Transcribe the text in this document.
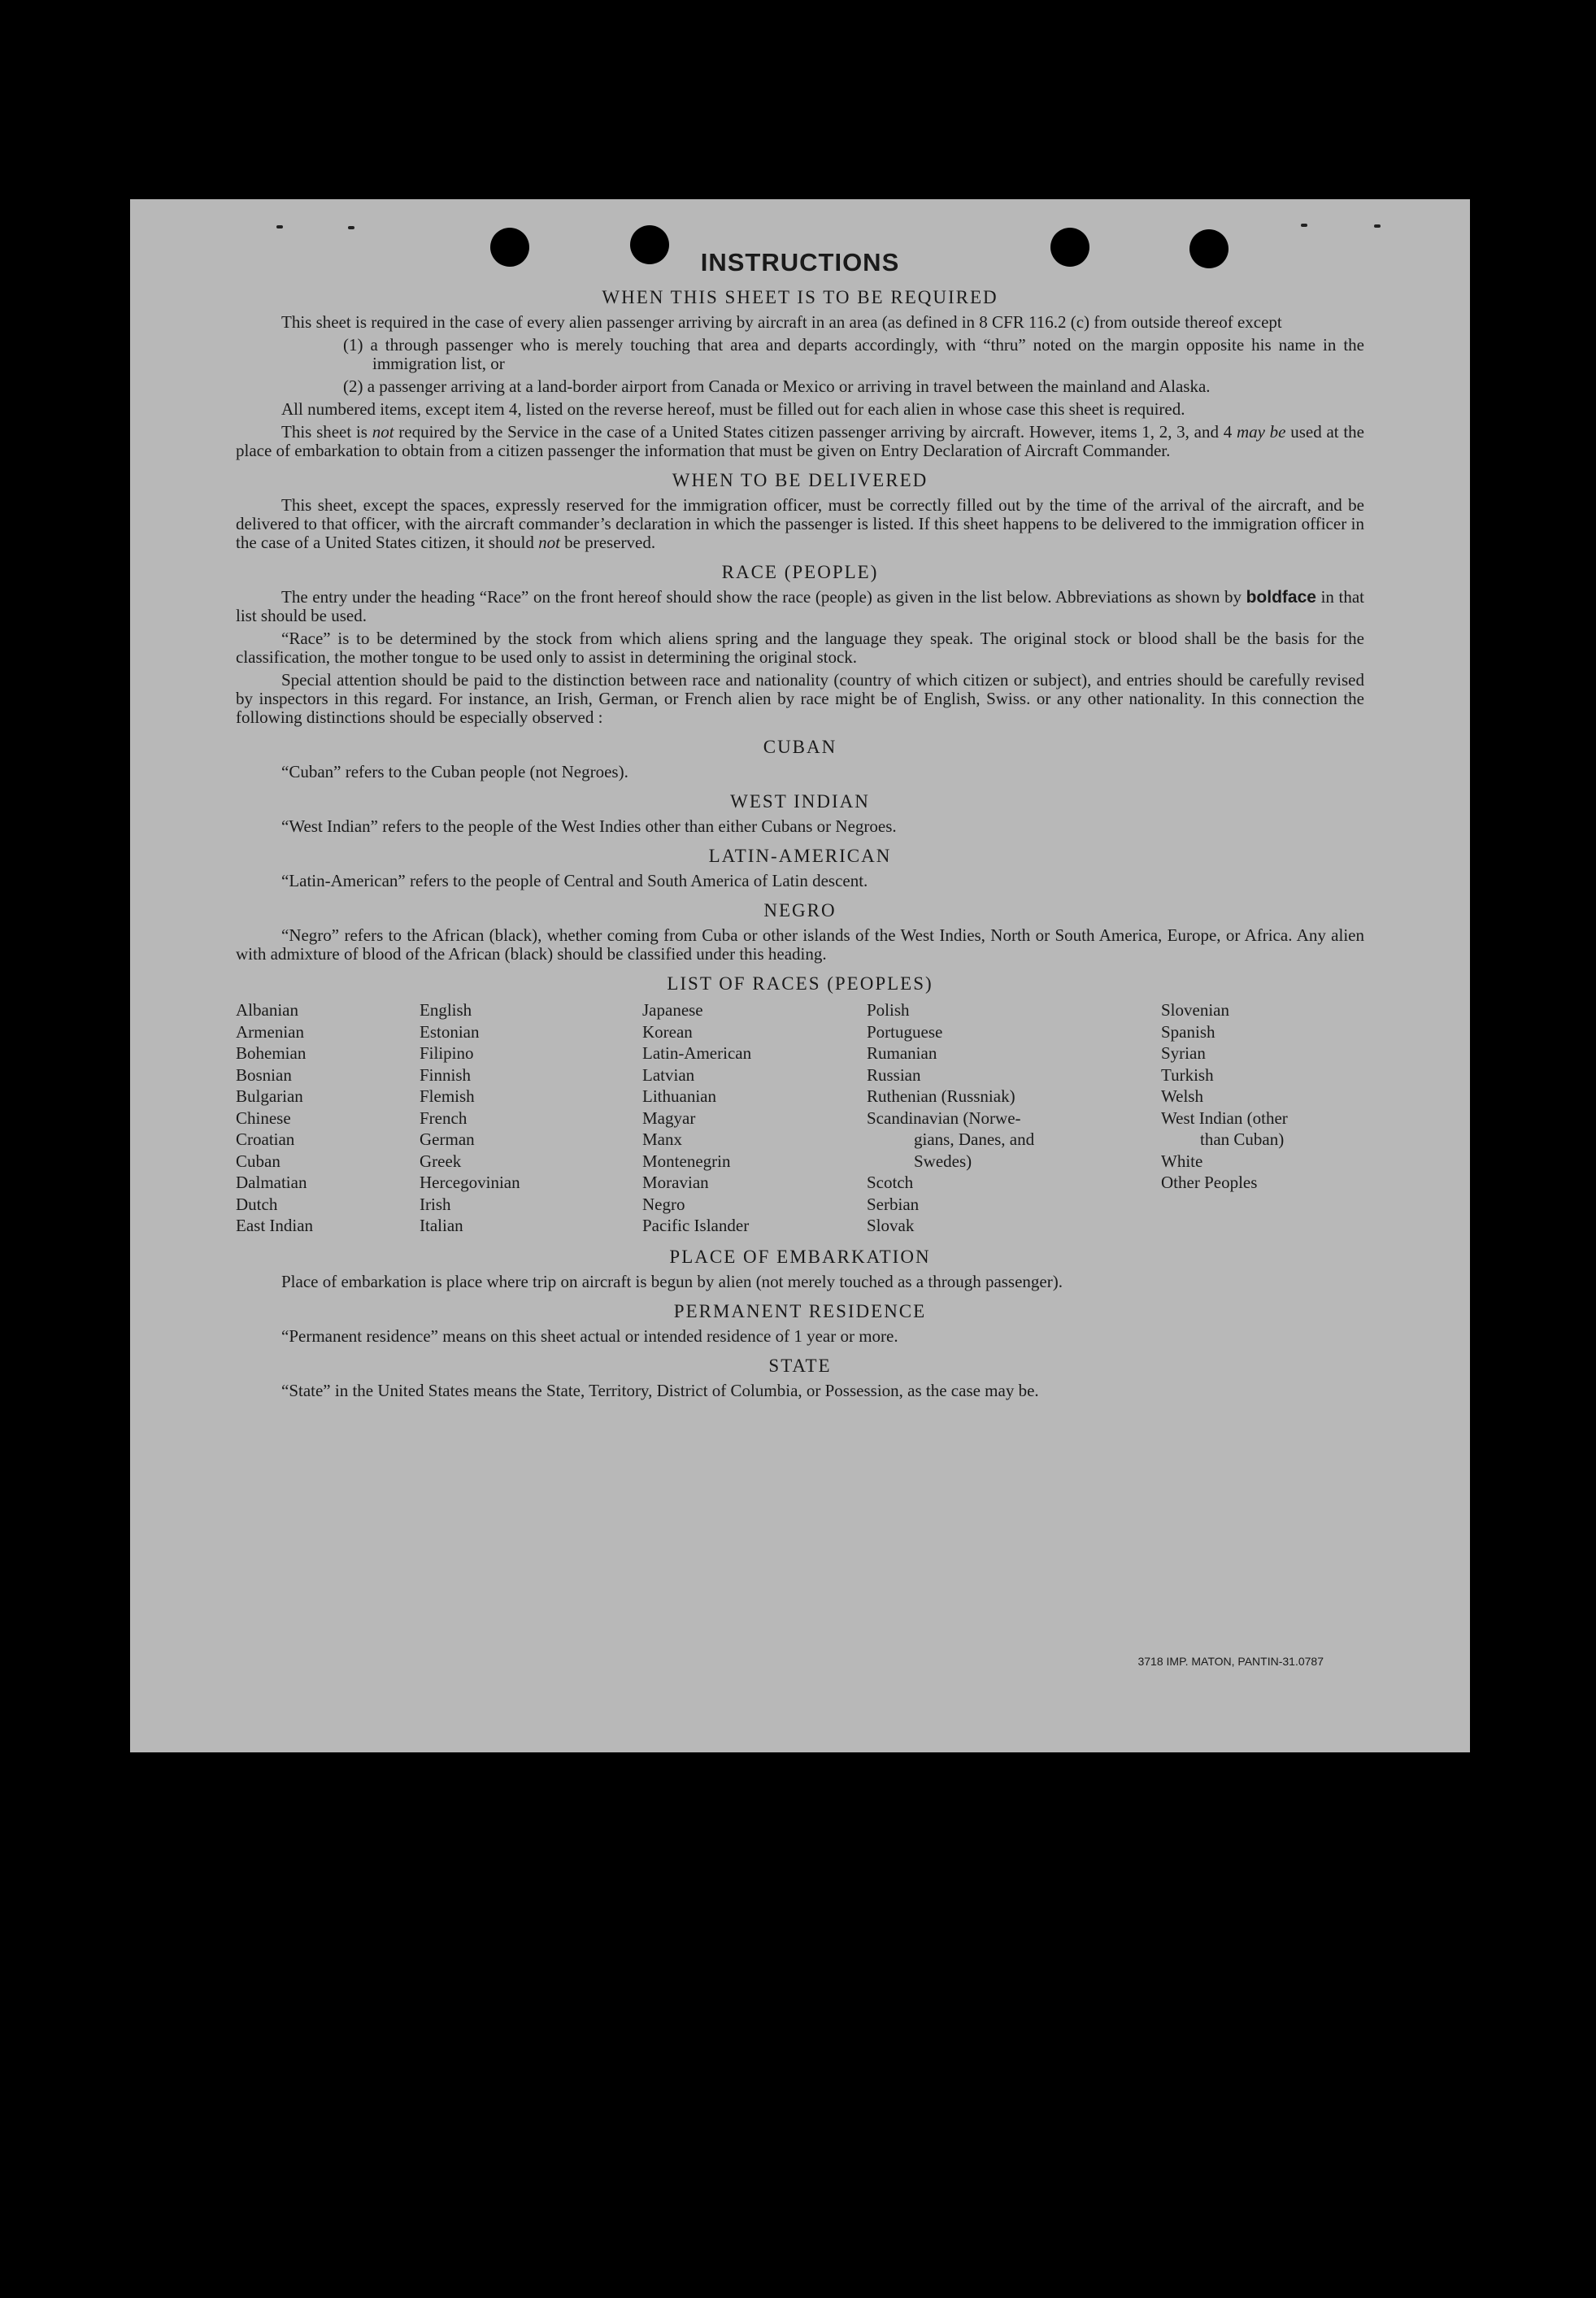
INSTRUCTIONS
WHEN THIS SHEET IS TO BE REQUIRED

This sheet is required in the case of every alien passenger arriving by aircraft in an area (as defined in 8 CFR 116.2 (c) from outside thereof except

(1) a through passenger who is merely touching that area and departs accordingly, with “thru” noted on the margin opposite his name in the immigration list, or

(2) a passenger arriving at a land-border airport from Canada or Mexico or arriving in travel between the mainland and Alaska.

All numbered items, except item 4, listed on the reverse hereof, must be filled out for each alien in whose case this sheet is required.

This sheet is not required by the Service in the case of a United States citizen passenger arriving by aircraft. However, items 1, 2, 3, and 4 may be used at the place of embarkation to obtain from a citizen passenger the information that must be given on Entry Declaration of Aircraft Commander.

WHEN TO BE DELIVERED

This sheet, except the spaces, expressly reserved for the immigration officer, must be correctly filled out by the time of the arrival of the aircraft, and be delivered to that officer, with the aircraft commander’s declaration in which the passenger is listed. If this sheet happens to be delivered to the immigration officer in the case of a United States citizen, it should not be preserved.

RACE (PEOPLE)

The entry under the heading “Race” on the front hereof should show the race (people) as given in the list below. Abbreviations as shown by boldface in that list should be used.

“Race” is to be determined by the stock from which aliens spring and the language they speak. The original stock or blood shall be the basis for the classification, the mother tongue to be used only to assist in determining the original stock.

Special attention should be paid to the distinction between race and nationality (country of which citizen or subject), and entries should be carefully revised by inspectors in this regard. For instance, an Irish, German, or French alien by race might be of English, Swiss. or any other nationality. In this connection the following distinctions should be especially observed :

CUBAN

“Cuban” refers to the Cuban people (not Negroes).

WEST INDIAN

“West Indian” refers to the people of the West Indies other than either Cubans or Negroes.

LATIN-AMERICAN

“Latin-American” refers to the people of Central and South America of Latin descent.

NEGRO

“Negro” refers to the African (black), whether coming from Cuba or other islands of the West Indies, North or South America, Europe, or Africa. Any alien with admixture of blood of the African (black) should be classified under this heading.

LIST OF RACES (PEOPLES)
Albanian
Armenian
Bohemian
Bosnian
Bulgarian
Chinese
Croatian
Cuban
Dalmatian
Dutch
East Indian
English
Estonian
Filipino
Finnish
Flemish
French
German
Greek
Hercegovinian
Irish
Italian
Japanese
Korean
Latin-American
Latvian
Lithuanian
Magyar
Manx
Montenegrin
Moravian
Negro
Pacific Islander
Polish
Portuguese
Rumanian
Russian
Ruthenian (Russniak)
Scandinavian (Norwe-
gians, Danes, and
Swedes)
Scotch
Serbian
Slovak
Slovenian
Spanish
Syrian
Turkish
Welsh
West Indian (other
than Cuban)
White
Other Peoples
PLACE OF EMBARKATION

Place of embarkation is place where trip on aircraft is begun by alien (not merely touched as a through passenger).

PERMANENT RESIDENCE

“Permanent residence” means on this sheet actual or intended residence of 1 year or more.

STATE

“State” in the United States means the State, Territory, District of Columbia, or Possession, as the case may be.

3718 IMP. MATON, PANTIN-31.0787
